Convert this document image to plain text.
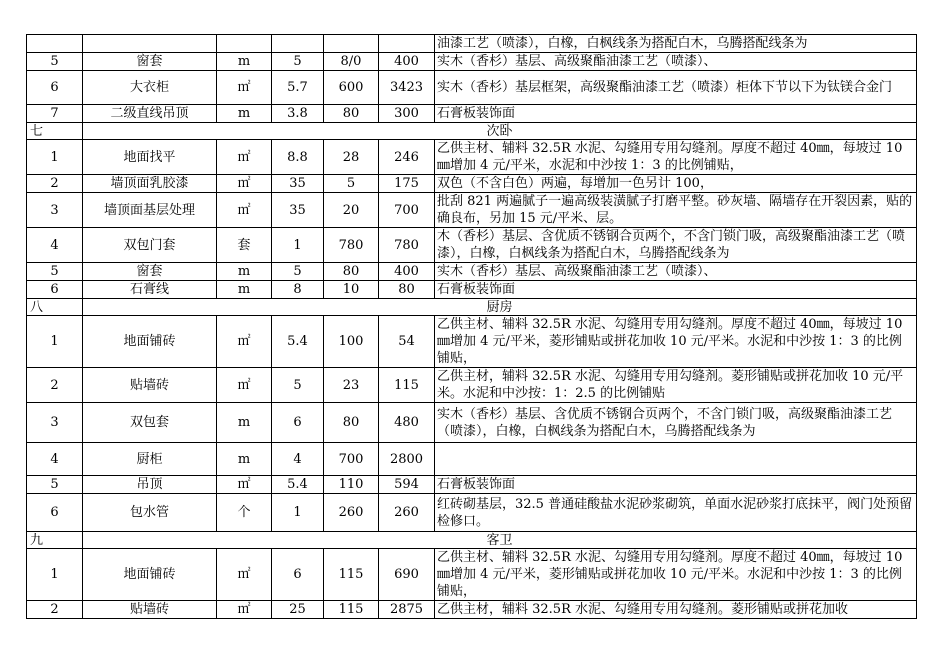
						油漆工艺（喷漆），白橡，白枫线条为搭配白木，乌腾搭配线条为
5	窗套	m	5	8/0	400	实木（香杉）基层、高级聚酯油漆工艺（喷漆）、
6	大衣柜	㎡	5.7	600	3423	实木（香杉）基层框架，高级聚酯油漆工艺（喷漆）柜体下节以下为钛镁合金门
7	二级直线吊顶	m	3.8	80	300	石膏板装饰面
七	次卧					
1	地面找平	㎡	8.8	28	246	乙供主材、辅料 32.5R 水泥、勾缝用专用勾缝剂。厚度不超过 40㎜，每坡过 10㎜增加 4 元/平米，水泥和中沙按 1：3 的比例铺贴，
2	墙顶面乳胶漆	㎡	35	5	175	双色（不含白色）两遍，每增加一色另计 100，
3	墙顶面基层处理	㎡	35	20	700	批刮 821 两遍腻子一遍高级装潢腻子打磨平整。砂灰墙、隔墙存在开裂因素，贴的确良布，另加 15 元/平米、层。
4	双包门套	套	1	780	780	木（香杉）基层、含优质不锈钢合页两个，不含门锁门吸，高级聚酯油漆工艺（喷漆），白橡，白枫线条为搭配白木，乌腾搭配线条为
5	窗套	m	5	80	400	实木（香杉）基层、高级聚酯油漆工艺（喷漆）、
6	石膏线	m	8	10	80	石膏板装饰面
八	厨房					
1	地面铺砖	㎡	5.4	100	54	乙供主材、辅料 32.5R 水泥、勾缝用专用勾缝剂。厚度不超过 40㎜，每坡过 10㎜增加 4 元/平米，菱形铺贴或拼花加收 10 元/平米。水泥和中沙按 1：3 的比例铺贴，
2	贴墙砖	㎡	5	23	115	乙供主材，辅料 32.5R 水泥、勾缝用专用勾缝剂。菱形铺贴或拼花加收 10 元/平米。水泥和中沙按：1：2.5 的比例铺贴
3	双包套	m	6	80	480	实木（香杉）基层、含优质不锈钢合页两个，不含门锁门吸，高级聚酯油漆工艺（喷漆），白橡，白枫线条为搭配白木，乌腾搭配线条为
4	厨柜	m	4	700	2800	
5	吊顶	㎡	5.4	110	594	石膏板装饰面
6	包水管	个	1	260	260	红砖砌基层，32.5 普通硅酸盐水泥砂浆砌筑，单面水泥砂浆打底抹平，阀门处预留检修口。
九	客卫					
1	地面铺砖	㎡	6	115	690	乙供主材、辅料 32.5R 水泥、勾缝用专用勾缝剂。厚度不超过 40㎜，每坡过 10㎜增加 4 元/平米，菱形铺贴或拼花加收 10 元/平米。水泥和中沙按 1：3 的比例铺贴，
2	贴墙砖	㎡	25	115	2875	乙供主材，辅料 32.5R 水泥、勾缝用专用勾缝剂。菱形铺贴或拼花加收
